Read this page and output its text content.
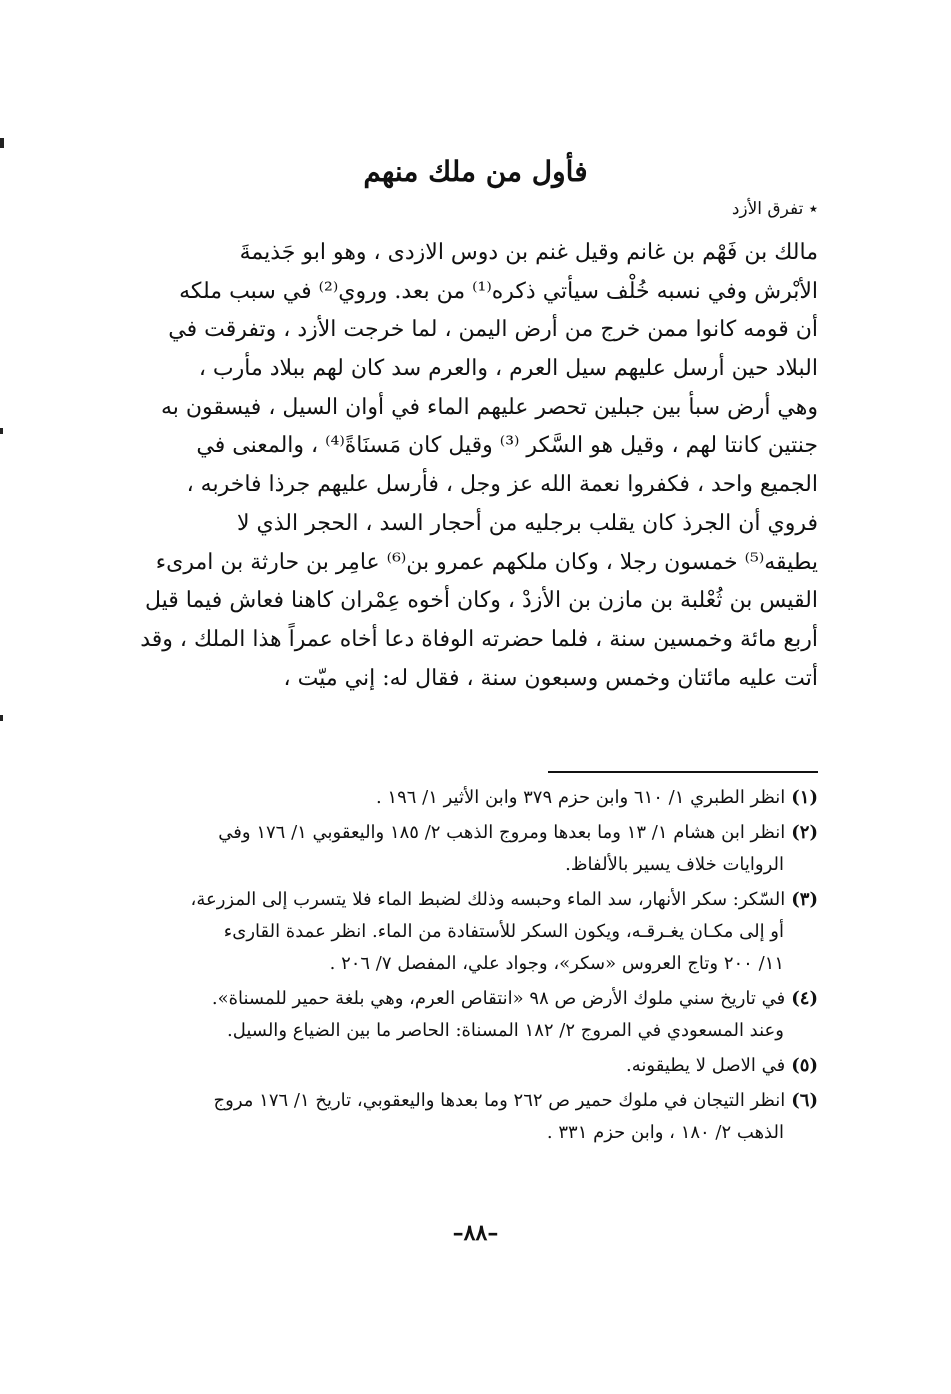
فأول من ملك منهم
٭ تفرق الأزد
مالك بن فَهْم بن غانم وقيل غنم بن دوس الازدى ، وهو ابو جَذيمةَ
الأبْرش وفي نسبه خُلْف سيأتي ذكره⁽¹⁾ من بعد. وروي⁽²⁾ في سبب ملكه
أن قومه كانوا ممن خرج من أرض اليمن ، لما خرجت الأزد ، وتفرقت في
البلاد حين أرسل عليهم سيل العرم ، والعرم سد كان لهم ببلاد مأرب ،
وهي أرض سبأ بين جبلين تحصر عليهم الماء في أوان السيل ، فيسقون به
جنتين كانتا لهم ، وقيل هو السَّكر ⁽³⁾ وقيل كان مَسنَاةً⁽⁴⁾ ، والمعنى في
الجميع واحد ، فكفروا نعمة الله عز وجل ، فأرسل عليهم جرذا فاخربه ،
فروي أن الجرذ كان يقلب برجليه من أحجار السد ، الحجر الذي لا
يطيقه⁽⁵⁾ خمسون رجلا ، وكان ملكهم عمرو بن⁽⁶⁾ عامِر بن حارثة بن امرىء
القيس بن ثُعْلبة بن مازن بن الأزدْ ، وكان أخوه عِمْران كاهنا فعاش فيما قيل
أربع مائة وخمسين سنة ، فلما حضرته الوفاة دعا أخاه عمراً هذا الملك ، وقد
أتت عليه مائتان وخمس وسبعون سنة ، فقال له: إني ميّت ،
(١)انظر الطبري ١/ ٦١٠ وابن حزم ٣٧٩ وابن الأثير ١/ ١٩٦ .
(٢)انظر ابن هشام ١/ ١٣ وما بعدها ومروج الذهب ٢/ ١٨٥ واليعقوبي ١/ ١٧٦ وفي
الروايات خلاف يسير بالألفاظ.
(٣)السّكر: سكر الأنهار، سد الماء وحبسه وذلك لضبط الماء فلا يتسرب إلى المزرعة،
أو إلى مكـان يغـرقـه، ويكون السكر للأستفادة من الماء. انظر عمدة القارىء
١١/ ٢٠٠ وتاج العروس «سكر»، وجواد علي، المفصل ٧/ ٢٠٦ .
(٤)في تاريخ سني ملوك الأرض ص ٩٨ «انتقاص العرم، وهي بلغة حمير للمسناة».
وعند المسعودي في المروج ٢/ ١٨٢ المسناة: الحاصر ما بين الضياع والسيل.
(٥)في الاصل لا يطيقونه.
(٦)انظر التيجان في ملوك حمير ص ٢٦٢ وما بعدها واليعقوبي، تاريخ ١/ ١٧٦ مروج
الذهب ٢/ ١٨٠ ، وابن حزم ٣٣١ .
–٨٨–
